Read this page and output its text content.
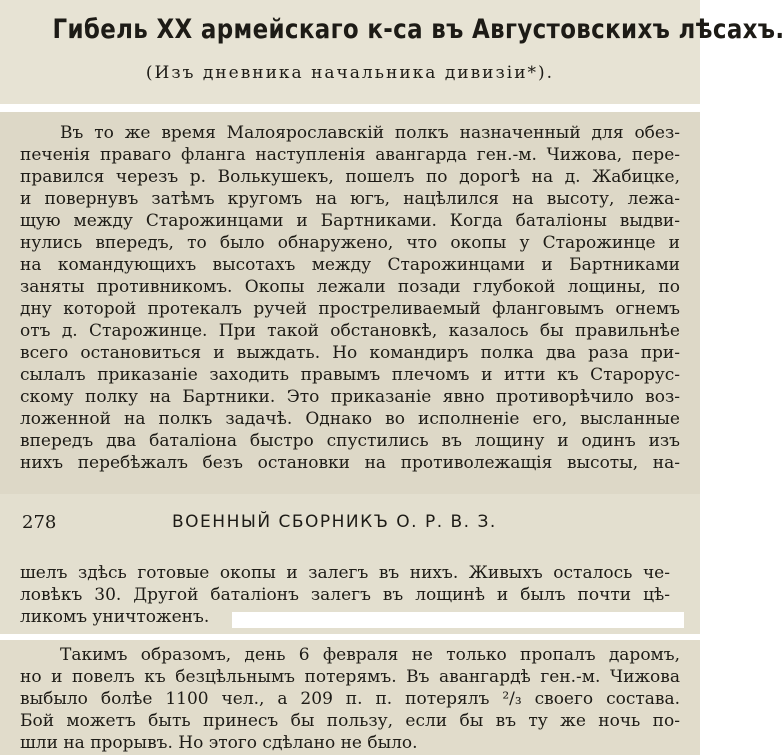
Гибель XX армейскаго к-са въ Августовскихъ лѣсахъ.
(Изъ дневника начальника дивизіи*).
Въ то же время Малоярославскій полкъ назначенный для обез-
печенія праваго фланга наступленія авангарда ген.-м. Чижова, пере-
правился черезъ р. Волькушекъ, пошелъ по дорогѣ на д. Жабицке,
и повернувъ затѣмъ кругомъ на югъ, нацѣлился на высоту, лежа-
щую между Старожинцами и Бартниками. Когда баталіоны выдви-
нулись впередъ, то было обнаружено, что окопы у Старожинце и
на командующихъ высотахъ между Старожинцами и Бартниками
заняты противникомъ. Окопы лежали позади глубокой лощины, по
дну которой протекалъ ручей простреливаемый фланговымъ огнемъ
отъ д. Старожинце. При такой обстановкѣ, казалось бы правильнѣе
всего остановиться и выждать. Но командиръ полка два раза при-
сылалъ приказаніе заходить правымъ плечомъ и итти къ Староруc-
скому полку на Бартники. Это приказаніе явно противорѣчило воз-
ложенной на полкъ задачѣ. Однако во исполненіе его, высланные
впередъ два баталіона быстро спустились въ лощину и одинъ изъ
нихъ перебѣжалъ безъ остановки на противолежащія высоты, на-
278	ВОЕННЫЙ СБОРНИКЪ О. Р. В. З.
шелъ здѣсь готовые окопы и залегъ въ нихъ. Живыхъ осталось че-
ловѣкъ 30. Другой баталіонъ залегъ въ лощинѣ и былъ почти цѣ-
ликомъ уничтоженъ.
Такимъ образомъ, день 6 февраля не только пропалъ даромъ,
но и повелъ къ безцѣльнымъ потерямъ. Въ авангардѣ ген.-м. Чижова
выбыло болѣе 1100 чел., а 209 п. п. потерялъ ²/₃ своего состава.
Бой можетъ быть принесъ бы пользу, если бы въ ту же ночь по-
шли на прорывъ. Но этого сдѣлано не было.
